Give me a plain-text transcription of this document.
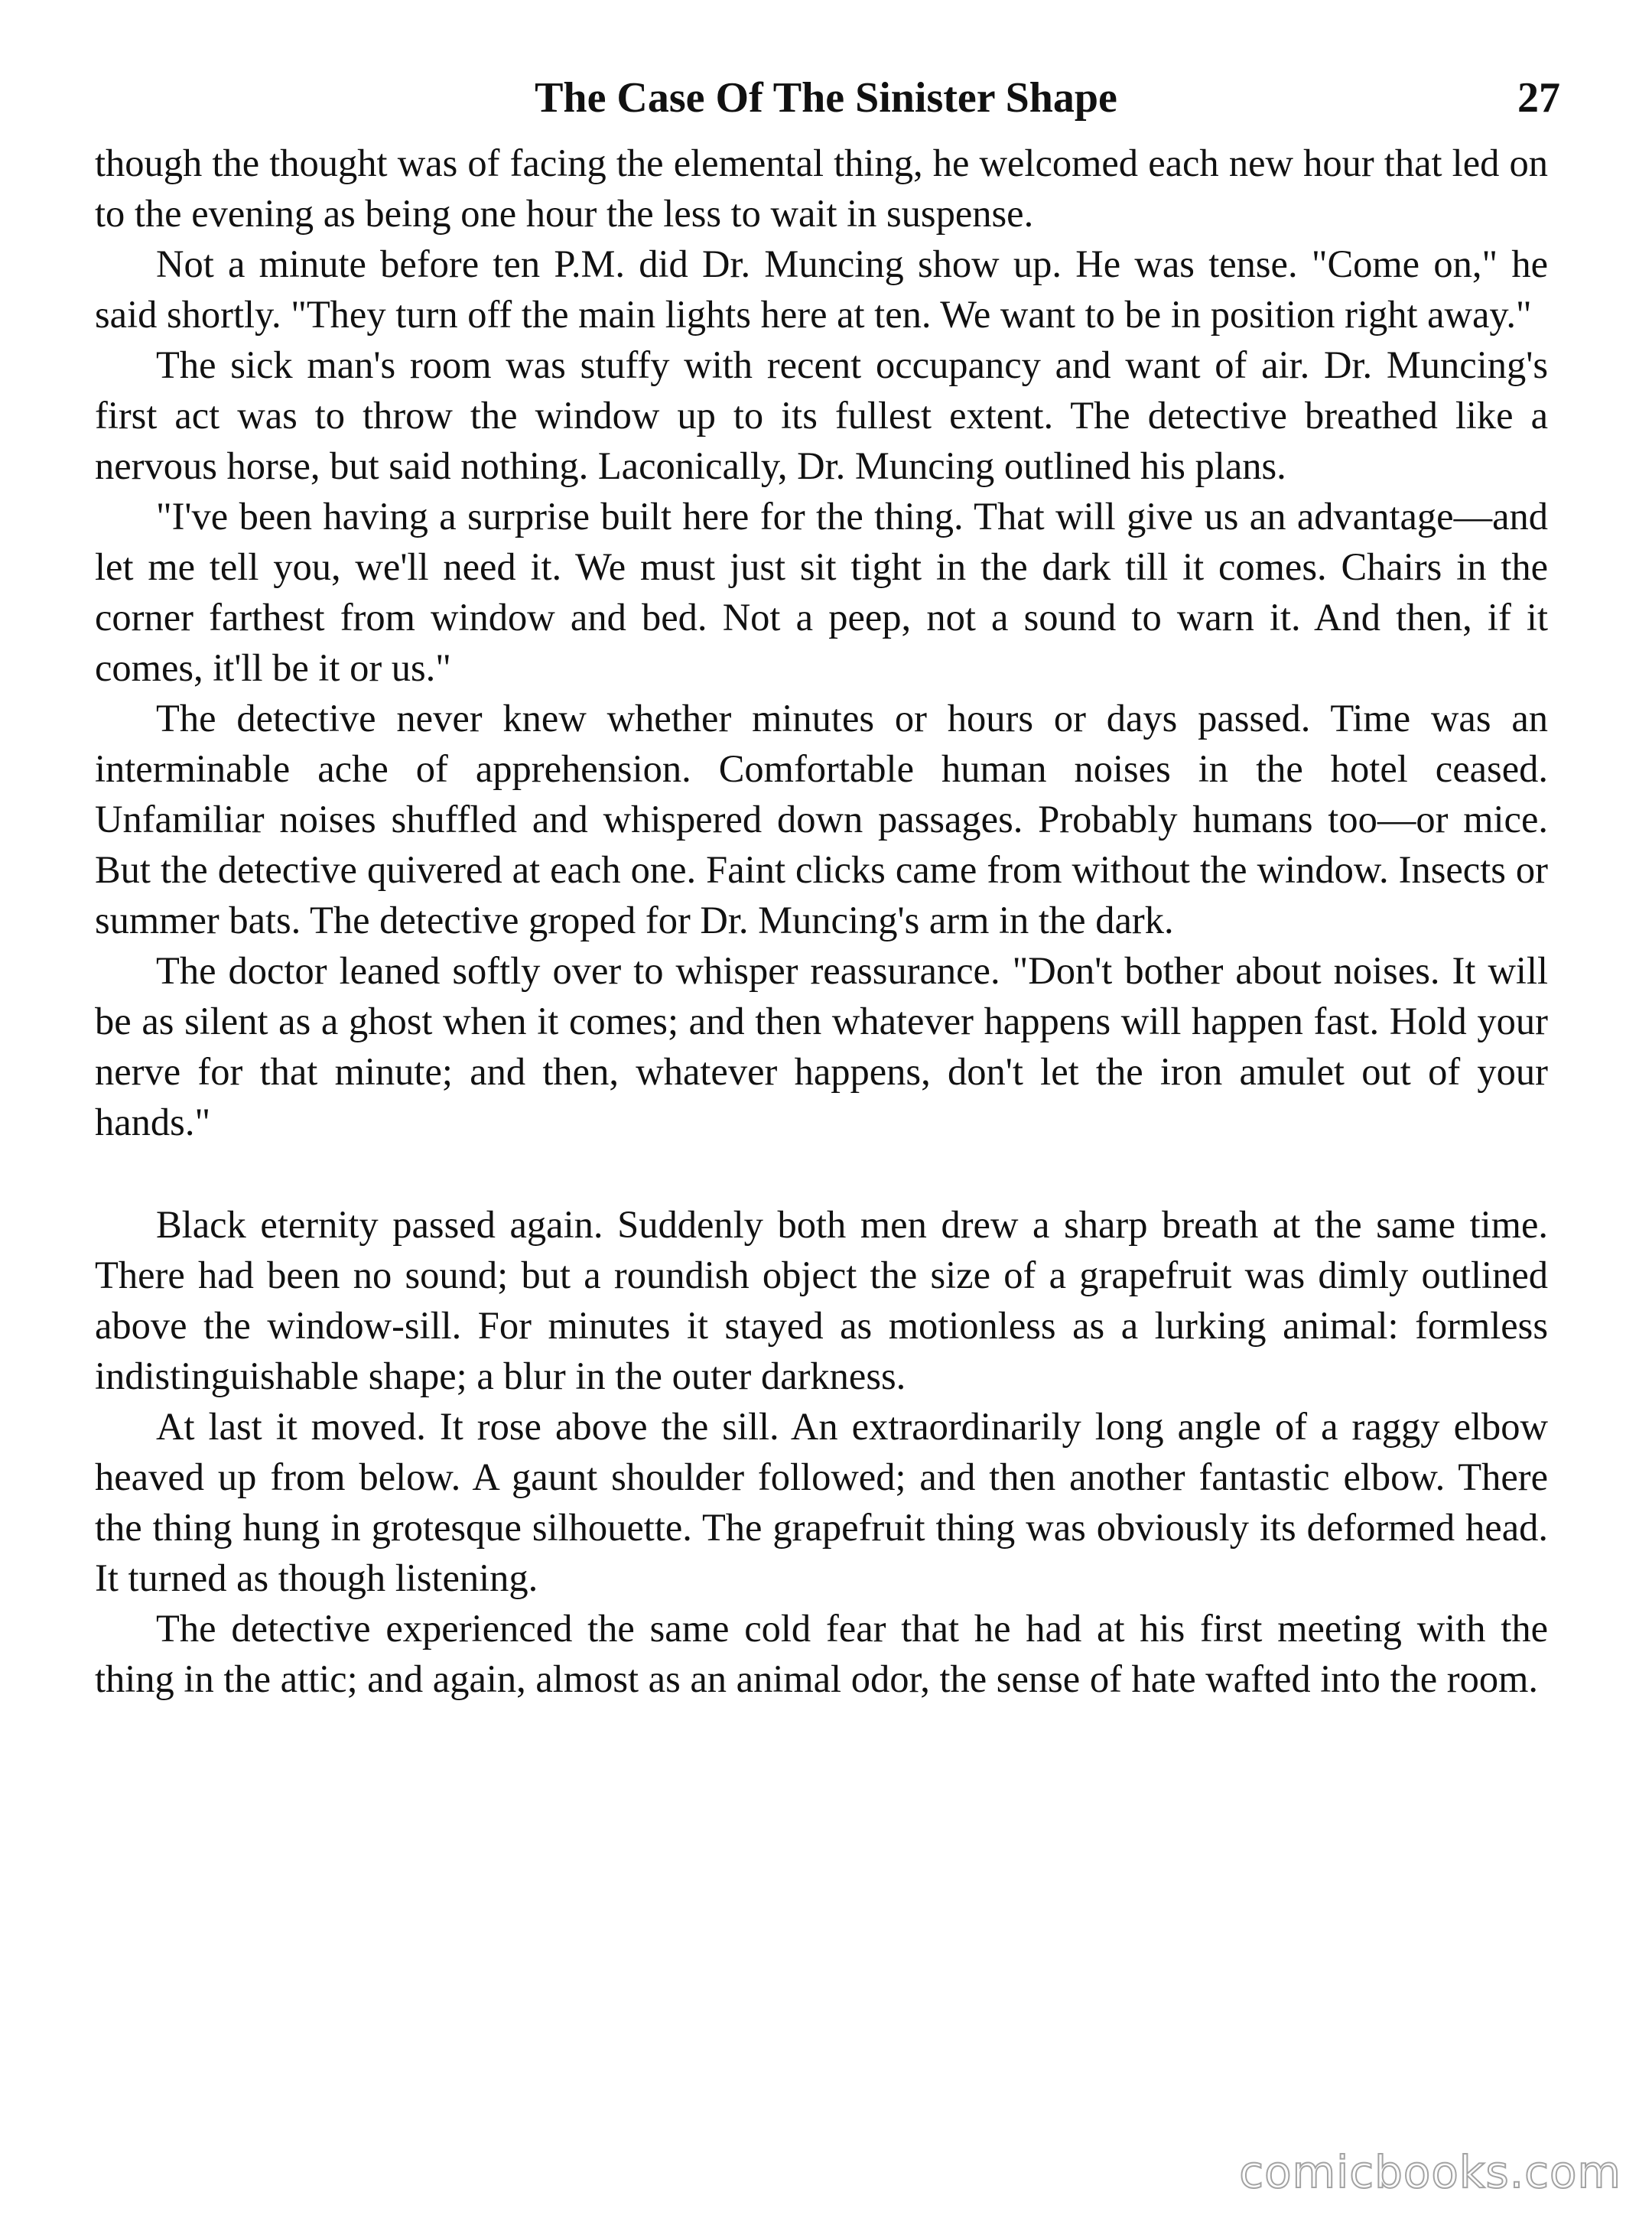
The Case Of The Sinister Shape	27

though the thought was of facing the elemental thing, he welcomed each new hour that led on to the evening as being one hour the less to wait in suspense.

Not a minute before ten P.M. did Dr. Muncing show up. He was tense. "Come on," he said shortly. "They turn off the main lights here at ten. We want to be in position right away."

The sick man's room was stuffy with recent occupancy and want of air. Dr. Muncing's first act was to throw the window up to its fullest extent. The detective breathed like a nervous horse, but said nothing. Laconically, Dr. Muncing outlined his plans.

"I've been having a surprise built here for the thing. That will give us an advantage—and let me tell you, we'll need it. We must just sit tight in the dark till it comes. Chairs in the corner farthest from window and bed. Not a peep, not a sound to warn it. And then, if it comes, it'll be it or us."

The detective never knew whether minutes or hours or days passed. Time was an interminable ache of apprehension. Comfortable human noises in the hotel ceased. Unfamiliar noises shuffled and whispered down passages. Probably humans too—or mice. But the detective quivered at each one. Faint clicks came from without the window. Insects or summer bats. The detective groped for Dr. Muncing's arm in the dark.

The doctor leaned softly over to whisper reassurance. "Don't bother about noises. It will be as silent as a ghost when it comes; and then whatever happens will happen fast. Hold your nerve for that minute; and then, whatever happens, don't let the iron amulet out of your hands."

Black eternity passed again. Suddenly both men drew a sharp breath at the same time. There had been no sound; but a roundish object the size of a grapefruit was dimly outlined above the window-sill. For minutes it stayed as motionless as a lurking animal: formless indistinguishable shape; a blur in the outer darkness.

At last it moved. It rose above the sill. An extraordinarily long angle of a raggy elbow heaved up from below. A gaunt shoulder followed; and then another fantastic elbow. There the thing hung in grotesque silhouette. The grapefruit thing was obviously its deformed head. It turned as though listening.

The detective experienced the same cold fear that he had at his first meeting with the thing in the attic; and again, almost as an animal odor, the sense of hate wafted into the room.

comicbooks.com
